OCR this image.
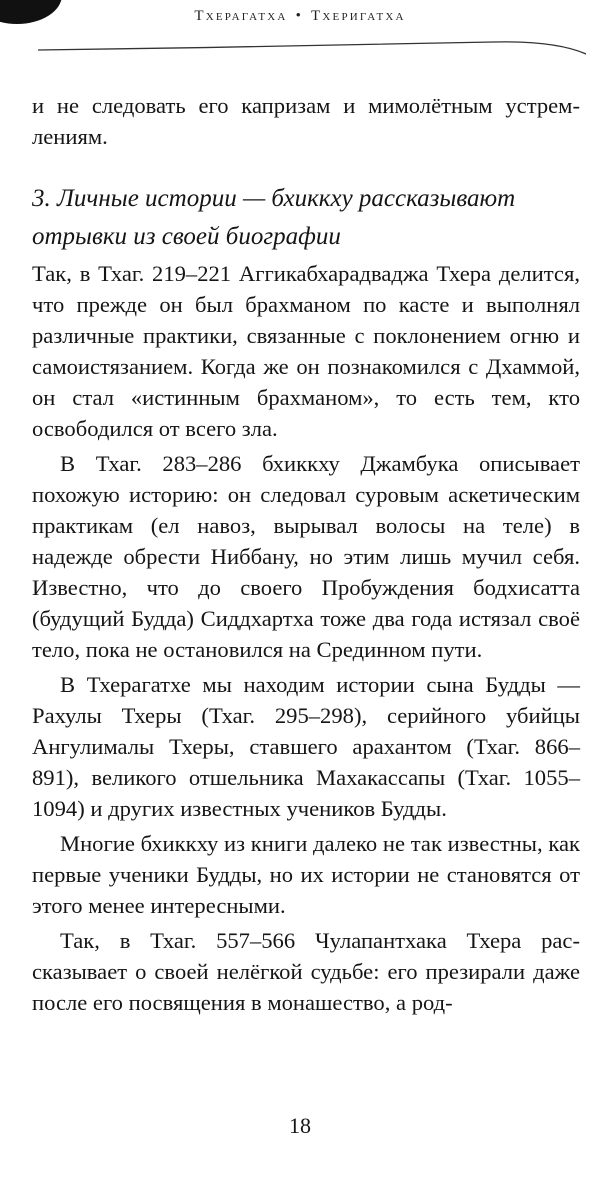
Тхерагатха • Тхеригатха

и не следовать его капризам и мимолётным устремлениям.

3. Личные истории — бхиккху рассказывают отрывки из своей биографии

Так, в Тхаг. 219–221 Аггикабхарадваджа Тхера делится, что прежде он был брахманом по касте и выполнял различные практики, связанные с поклонением огню и самоистязанием. Когда же он познакомился с Дхаммой, он стал «истинным брахманом», то есть тем, кто освободился от всего зла.

В Тхаг. 283–286 бхиккху Джамбука описывает похожую историю: он следовал суровым аскетическим практикам (ел навоз, вырывал волосы на теле) в надежде обрести Ниббану, но этим лишь мучил себя. Известно, что до своего Пробуждения бодхисатта (будущий Будда) Сиддхартха тоже два года истязал своё тело, пока не остановился на Срединном пути.

В Тхерагатхе мы находим истории сына Будды — Рахулы Тхеры (Тхаг. 295–298), серийного убийцы Ангулималы Тхеры, ставшего арахантом (Тхаг. 866–891), великого отшельника Махакассапы (Тхаг. 1055–1094) и других известных учеников Будды.

Многие бхиккху из книги далеко не так известны, как первые ученики Будды, но их истории не становятся от этого менее интересными.

Так, в Тхаг. 557–566 Чулапантхака Тхера рассказывает о своей нелёгкой судьбе: его презирали даже после его посвящения в монашество, а род-

18
